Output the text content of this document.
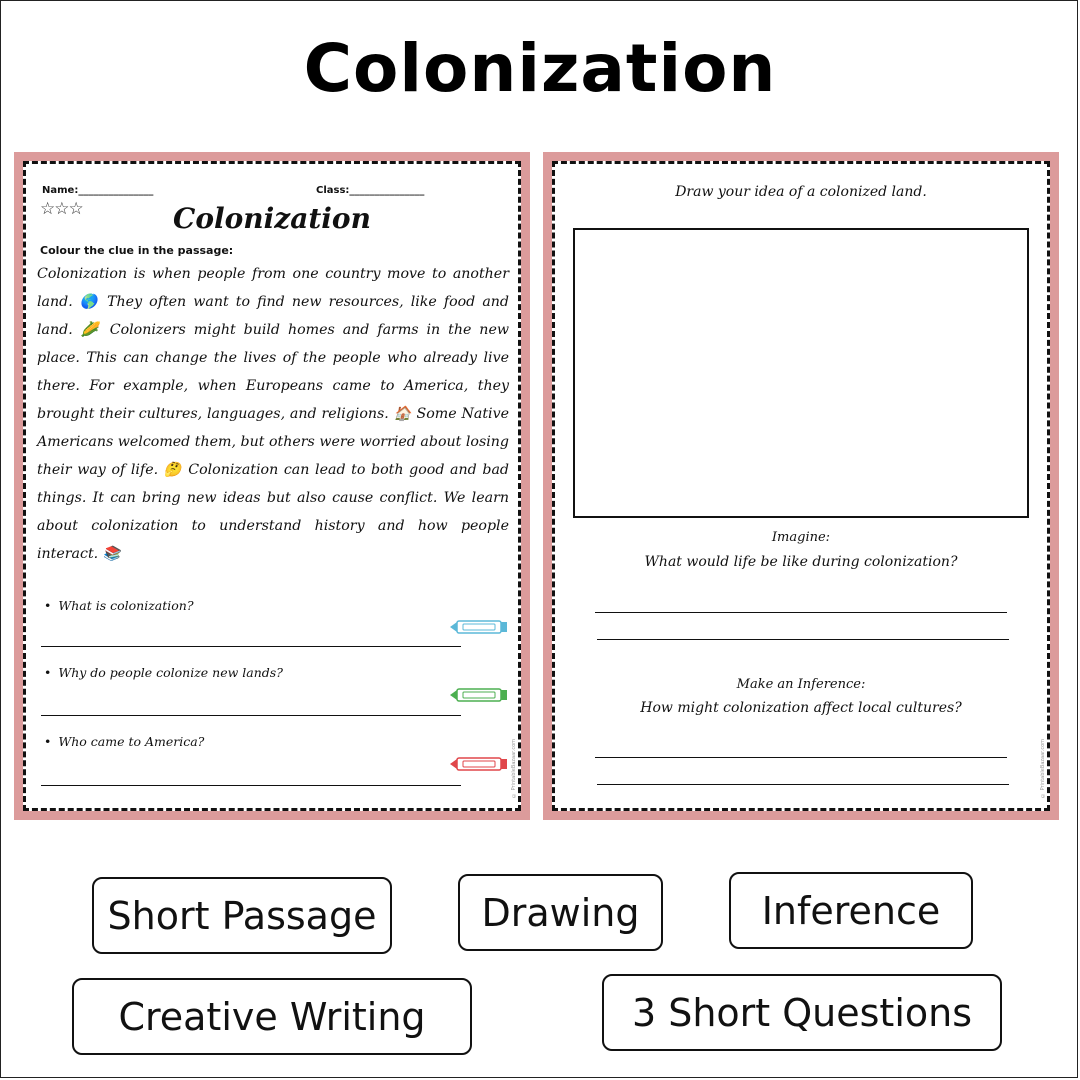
Colonization
Name:_______________	Class:_______________
☆☆☆	Colonization
Colour the clue in the passage:
Colonization is when people from one country move to another land. 🌎 They often want to find new resources, like food and land. 🌽 Colonizers might build homes and farms in the new place. This can change the lives of the people who already live there. For example, when Europeans came to America, they brought their cultures, languages, and religions. 🏠 Some Native Americans welcomed them, but others were worried about losing their way of life. 🤔 Colonization can lead to both good and bad things. It can bring new ideas but also cause conflict. We learn about colonization to understand history and how people interact. 📚
• What is colonization?
• Why do people colonize new lands?
• Who came to America?	© PrintableBazaar.com
Draw your idea of a colonized land.
Imagine:
What would life be like during colonization?
Make an Inference:
How might colonization affect local cultures?
© PrintableBazaar.com
Short Passage	Drawing	Inference
Creative Writing	3 Short Questions
